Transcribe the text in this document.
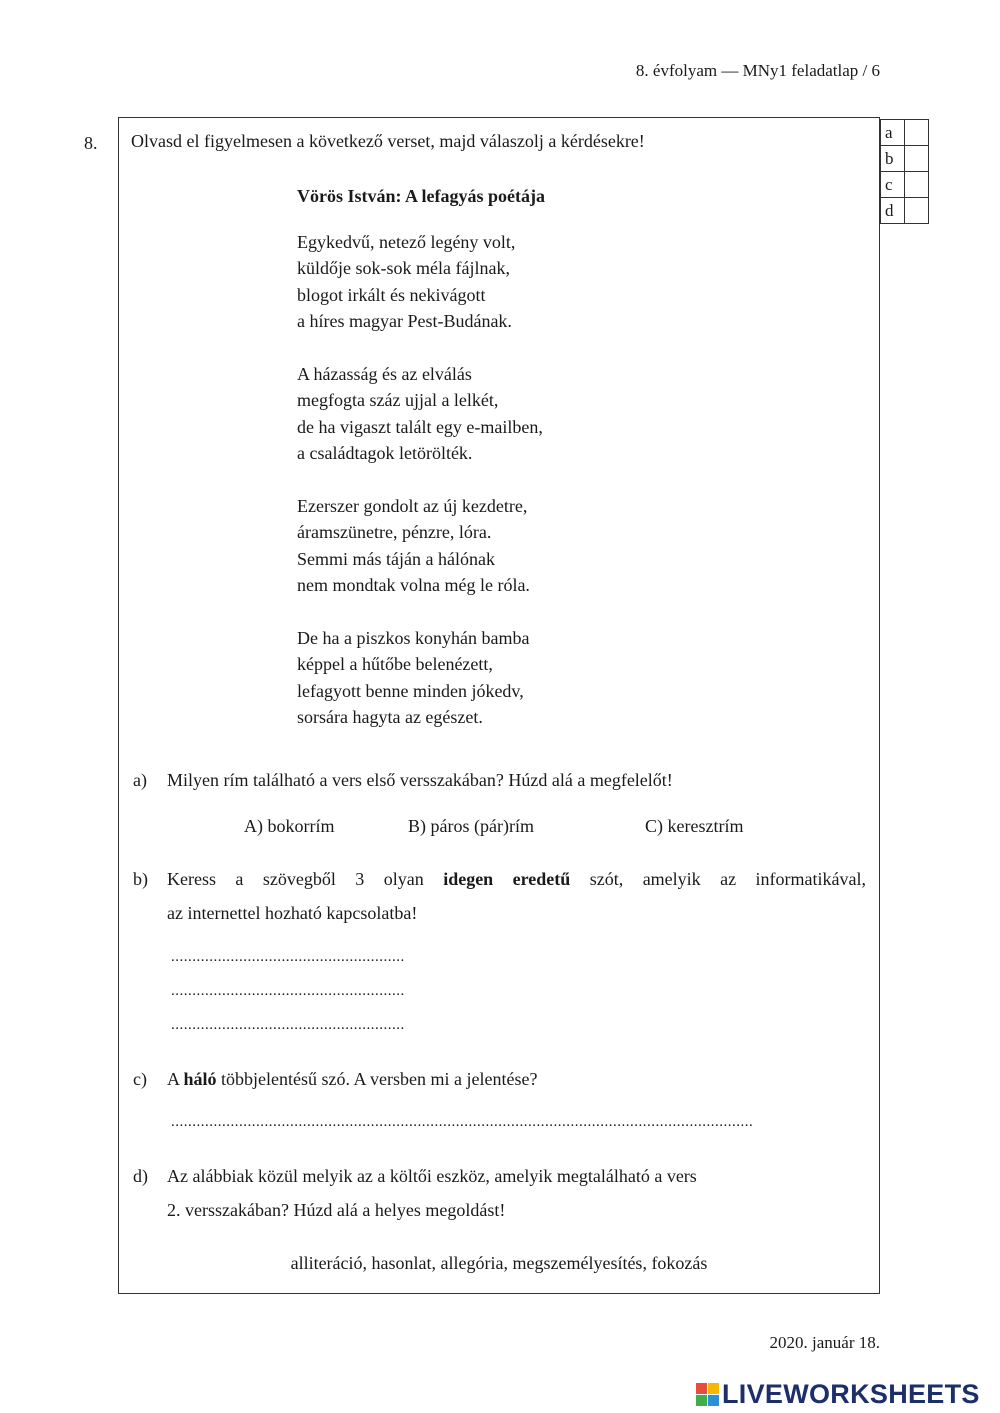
8. évfolyam — MNy1 feladatlap / 6
8.
a	
b	
c	
d	
Olvasd el figyelmesen a következő verset, majd válaszolj a kérdésekre!
Vörös István: A lefagyás poétája
Egykedvű, netező legény volt,
küldője sok-sok méla fájlnak,
blogot irkált és nekivágott
a híres magyar Pest-Budának.
A házasság és az elválás
megfogta száz ujjal a lelkét,
de ha vigaszt talált egy e-mailben,
a családtagok letörölték.
Ezerszer gondolt az új kezdetre,
áramszünetre, pénzre, lóra.
Semmi más táján a hálónak
nem mondtak volna még le róla.
De ha a piszkos konyhán bamba
képpel a hűtőbe belenézett,
lefagyott benne minden jókedv,
sorsára hagyta az egészet.
a) Milyen rím található a vers első versszakában? Húzd alá a megfelelőt!
A) bokorrím	B) páros (pár)rím	C) keresztrím
b) Keress a szövegből 3 olyan idegen eredetű szót, amelyik az informatikával,
az internettel hozható kapcsolatba!
.......................................................
.......................................................
.......................................................
c) A háló többjelentésű szó. A versben mi a jelentése?
.........................................................................................................................................
d) Az alábbiak közül melyik az a költői eszköz, amelyik megtalálható a vers
2. versszakában? Húzd alá a helyes megoldást!
alliteráció, hasonlat, allegória, megszemélyesítés, fokozás
2020. január 18.
LIVEWORKSHEETS
